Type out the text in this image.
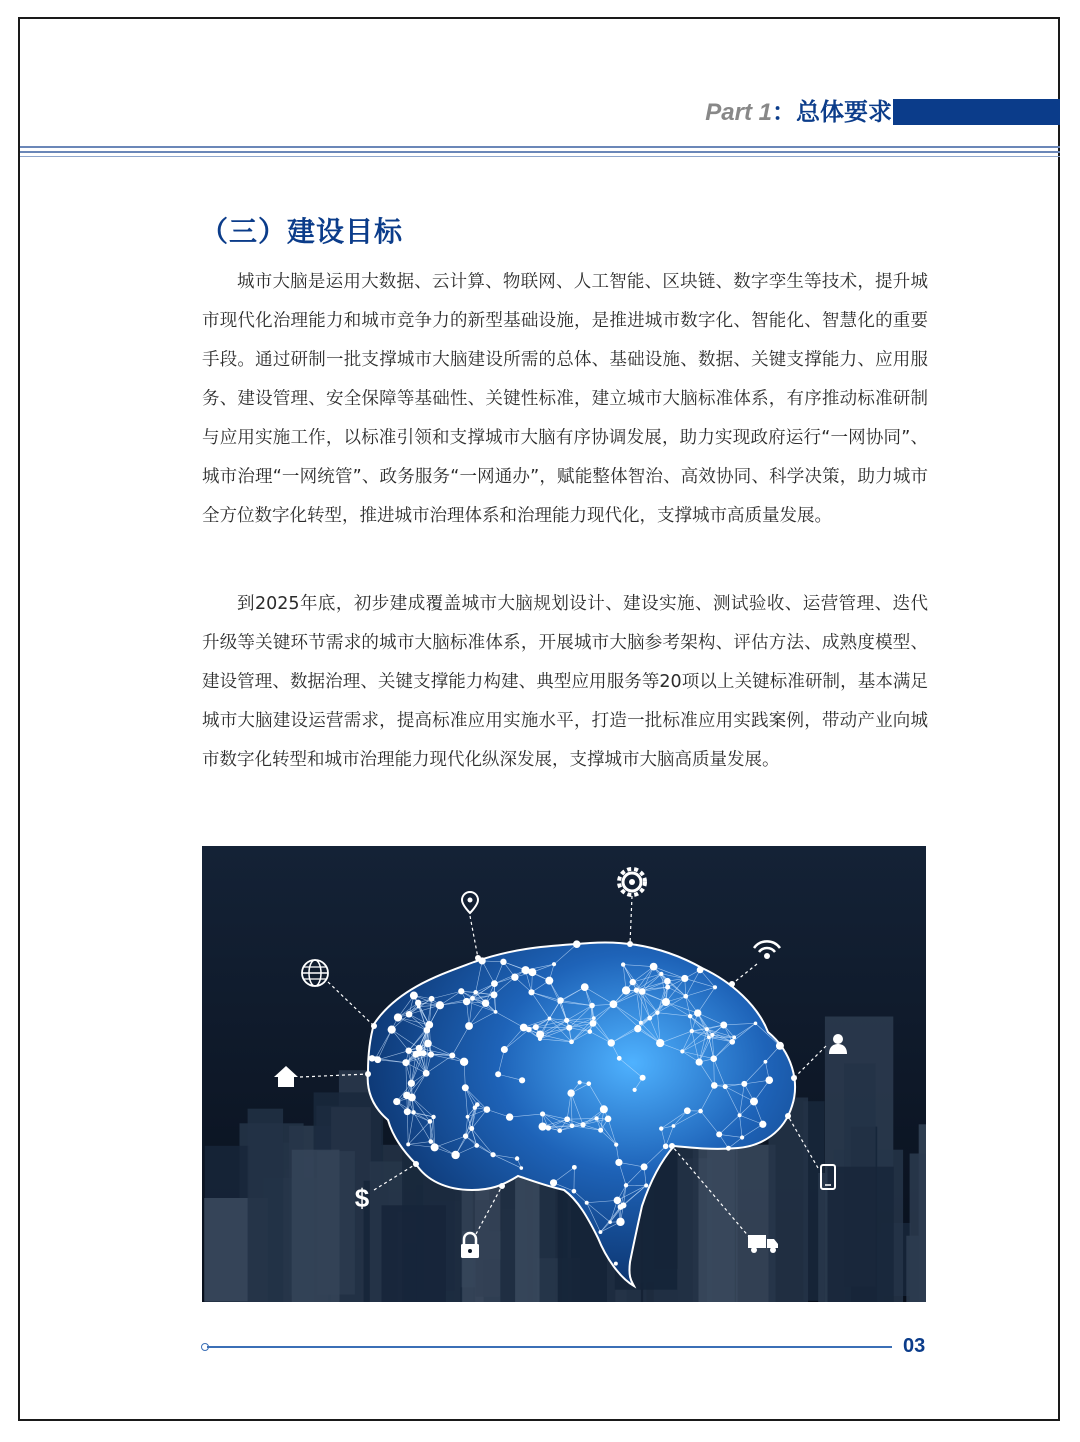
Part 1：总体要求
（三）建设目标

城市大脑是运用大数据、云计算、物联网、人工智能、区块链、数字孪生等技术，提升城市现代化治理能力和城市竞争力的新型基础设施，是推进城市数字化、智能化、智慧化的重要手段。通过研制一批支撑城市大脑建设所需的总体、基础设施、数据、关键支撑能力、应用服务、建设管理、安全保障等基础性、关键性标准，建立城市大脑标准体系，有序推动标准研制与应用实施工作，以标准引领和支撑城市大脑有序协调发展，助力实现政府运行“一网协同”、城市治理“一网统管”、政务服务“一网通办”，赋能整体智治、高效协同、科学决策，助力城市全方位数字化转型，推进城市治理体系和治理能力现代化，支撑城市高质量发展。

到2025年底，初步建成覆盖城市大脑规划设计、建设实施、测试验收、运营管理、迭代升级等关键环节需求的城市大脑标准体系，开展城市大脑参考架构、评估方法、成熟度模型、建设管理、数据治理、关键支撑能力构建、典型应用服务等20项以上关键标准研制，基本满足城市大脑建设运营需求，提高标准应用实施水平，打造一批标准应用实践案例，带动产业向城市数字化转型和城市治理能力现代化纵深发展，支撑城市大脑高质量发展。

$
03
